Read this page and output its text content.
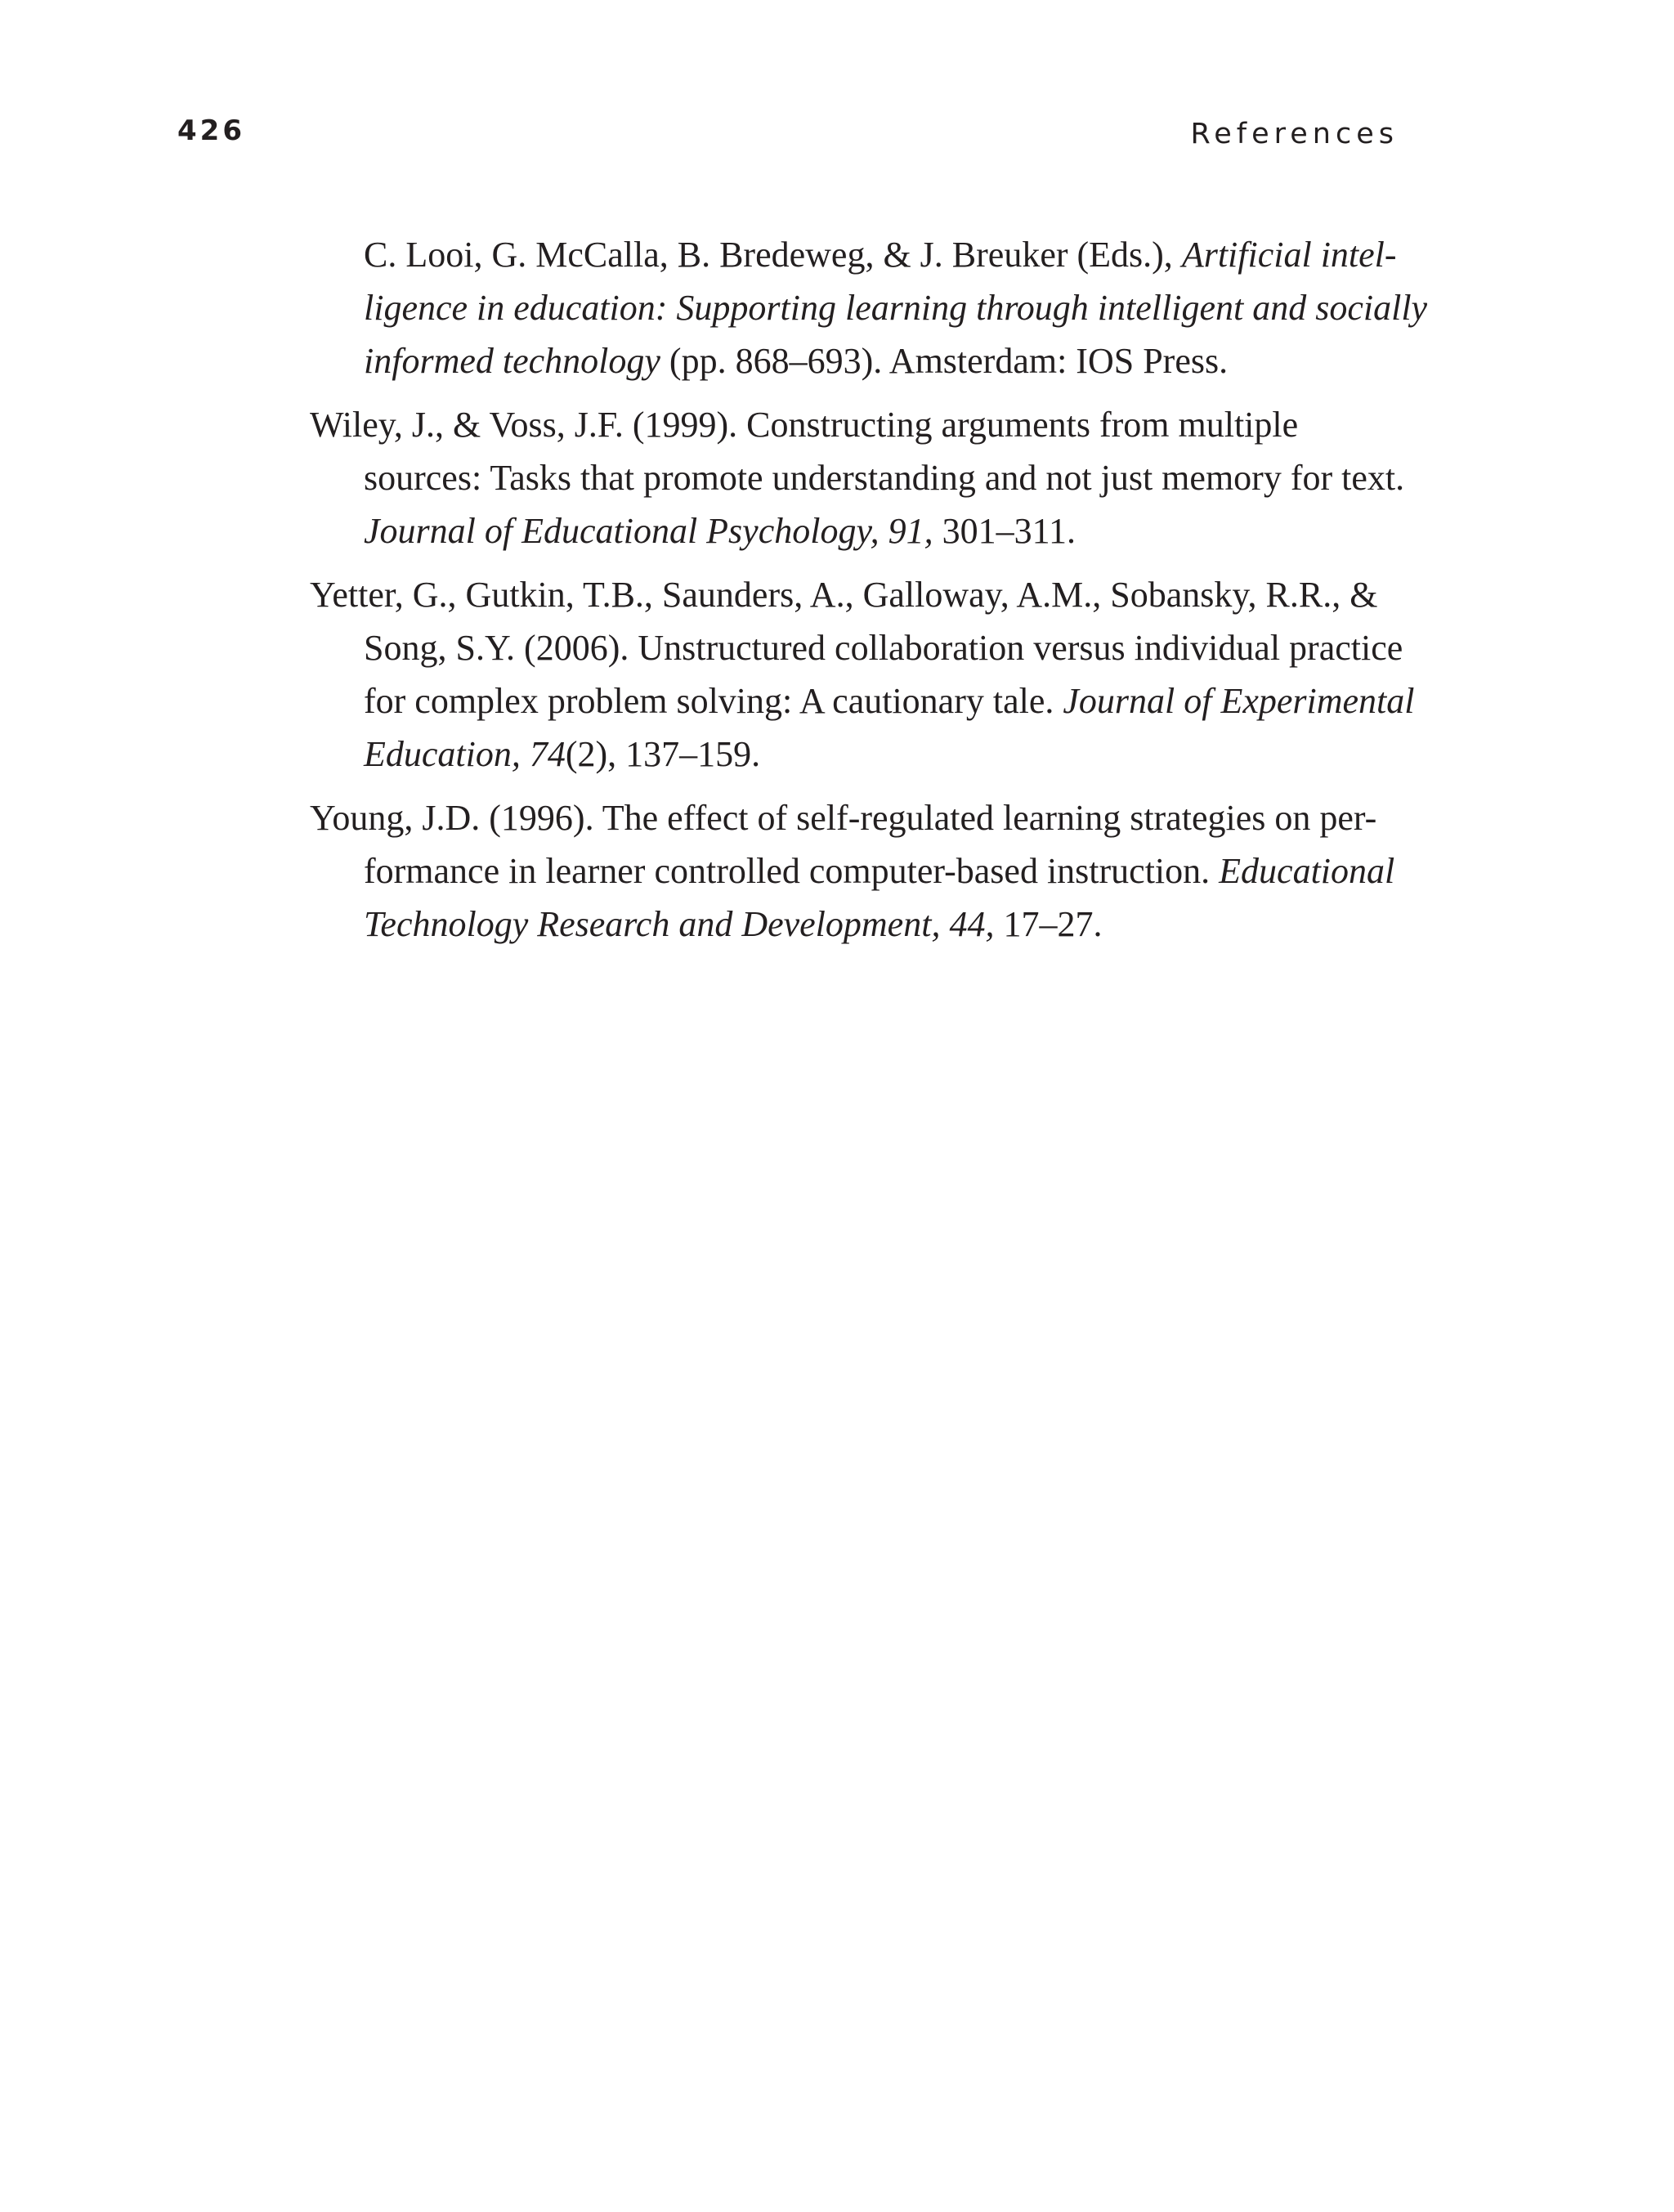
426	References
C. Looi, G. McCalla, B. Bredeweg, & J. Breuker (Eds.), Artificial intel-
ligence in education: Supporting learning through intelligent and socially
informed technology (pp. 868–693). Amsterdam: IOS Press.
Wiley, J., & Voss, J.F. (1999). Constructing arguments from multiple
sources: Tasks that promote understanding and not just memory for text.
Journal of Educational Psychology, 91, 301–311.
Yetter, G., Gutkin, T.B., Saunders, A., Galloway, A.M., Sobansky, R.R., &
Song, S.Y. (2006). Unstructured collaboration versus individual practice
for complex problem solving: A cautionary tale. Journal of Experimental
Education, 74(2), 137–159.
Young, J.D. (1996). The effect of self-regulated learning strategies on per-
formance in learner controlled computer-based instruction. Educational
Technology Research and Development, 44, 17–27.
